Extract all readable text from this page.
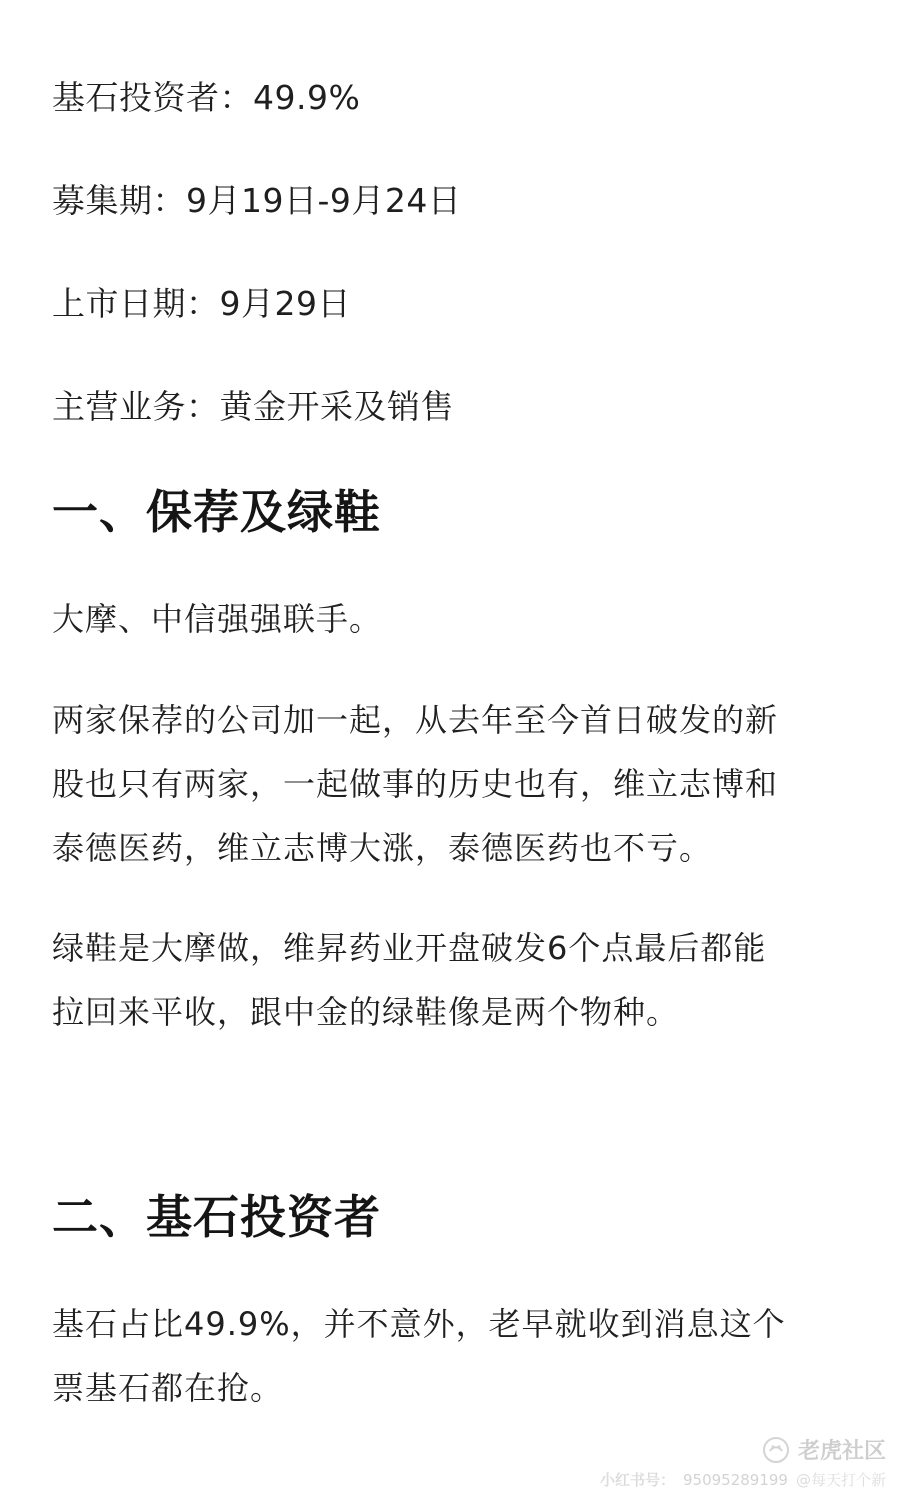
基石投资者：49.9%

募集期：9月19日-9月24日

上市日期：9月29日

主营业务：黄金开采及销售

一、保荐及绿鞋

大摩、中信强强联手。

两家保荐的公司加一起，从去年至今首日破发的新

股也只有两家，一起做事的历史也有，维立志博和

泰德医药，维立志博大涨，泰德医药也不亏。

绿鞋是大摩做，维昇药业开盘破发6个点最后都能

拉回来平收，跟中金的绿鞋像是两个物种。

二、基石投资者

基石占比49.9%，并不意外，老早就收到消息这个

票基石都在抢。

老虎社区
小红书号： 95095289199 @每天打个新
